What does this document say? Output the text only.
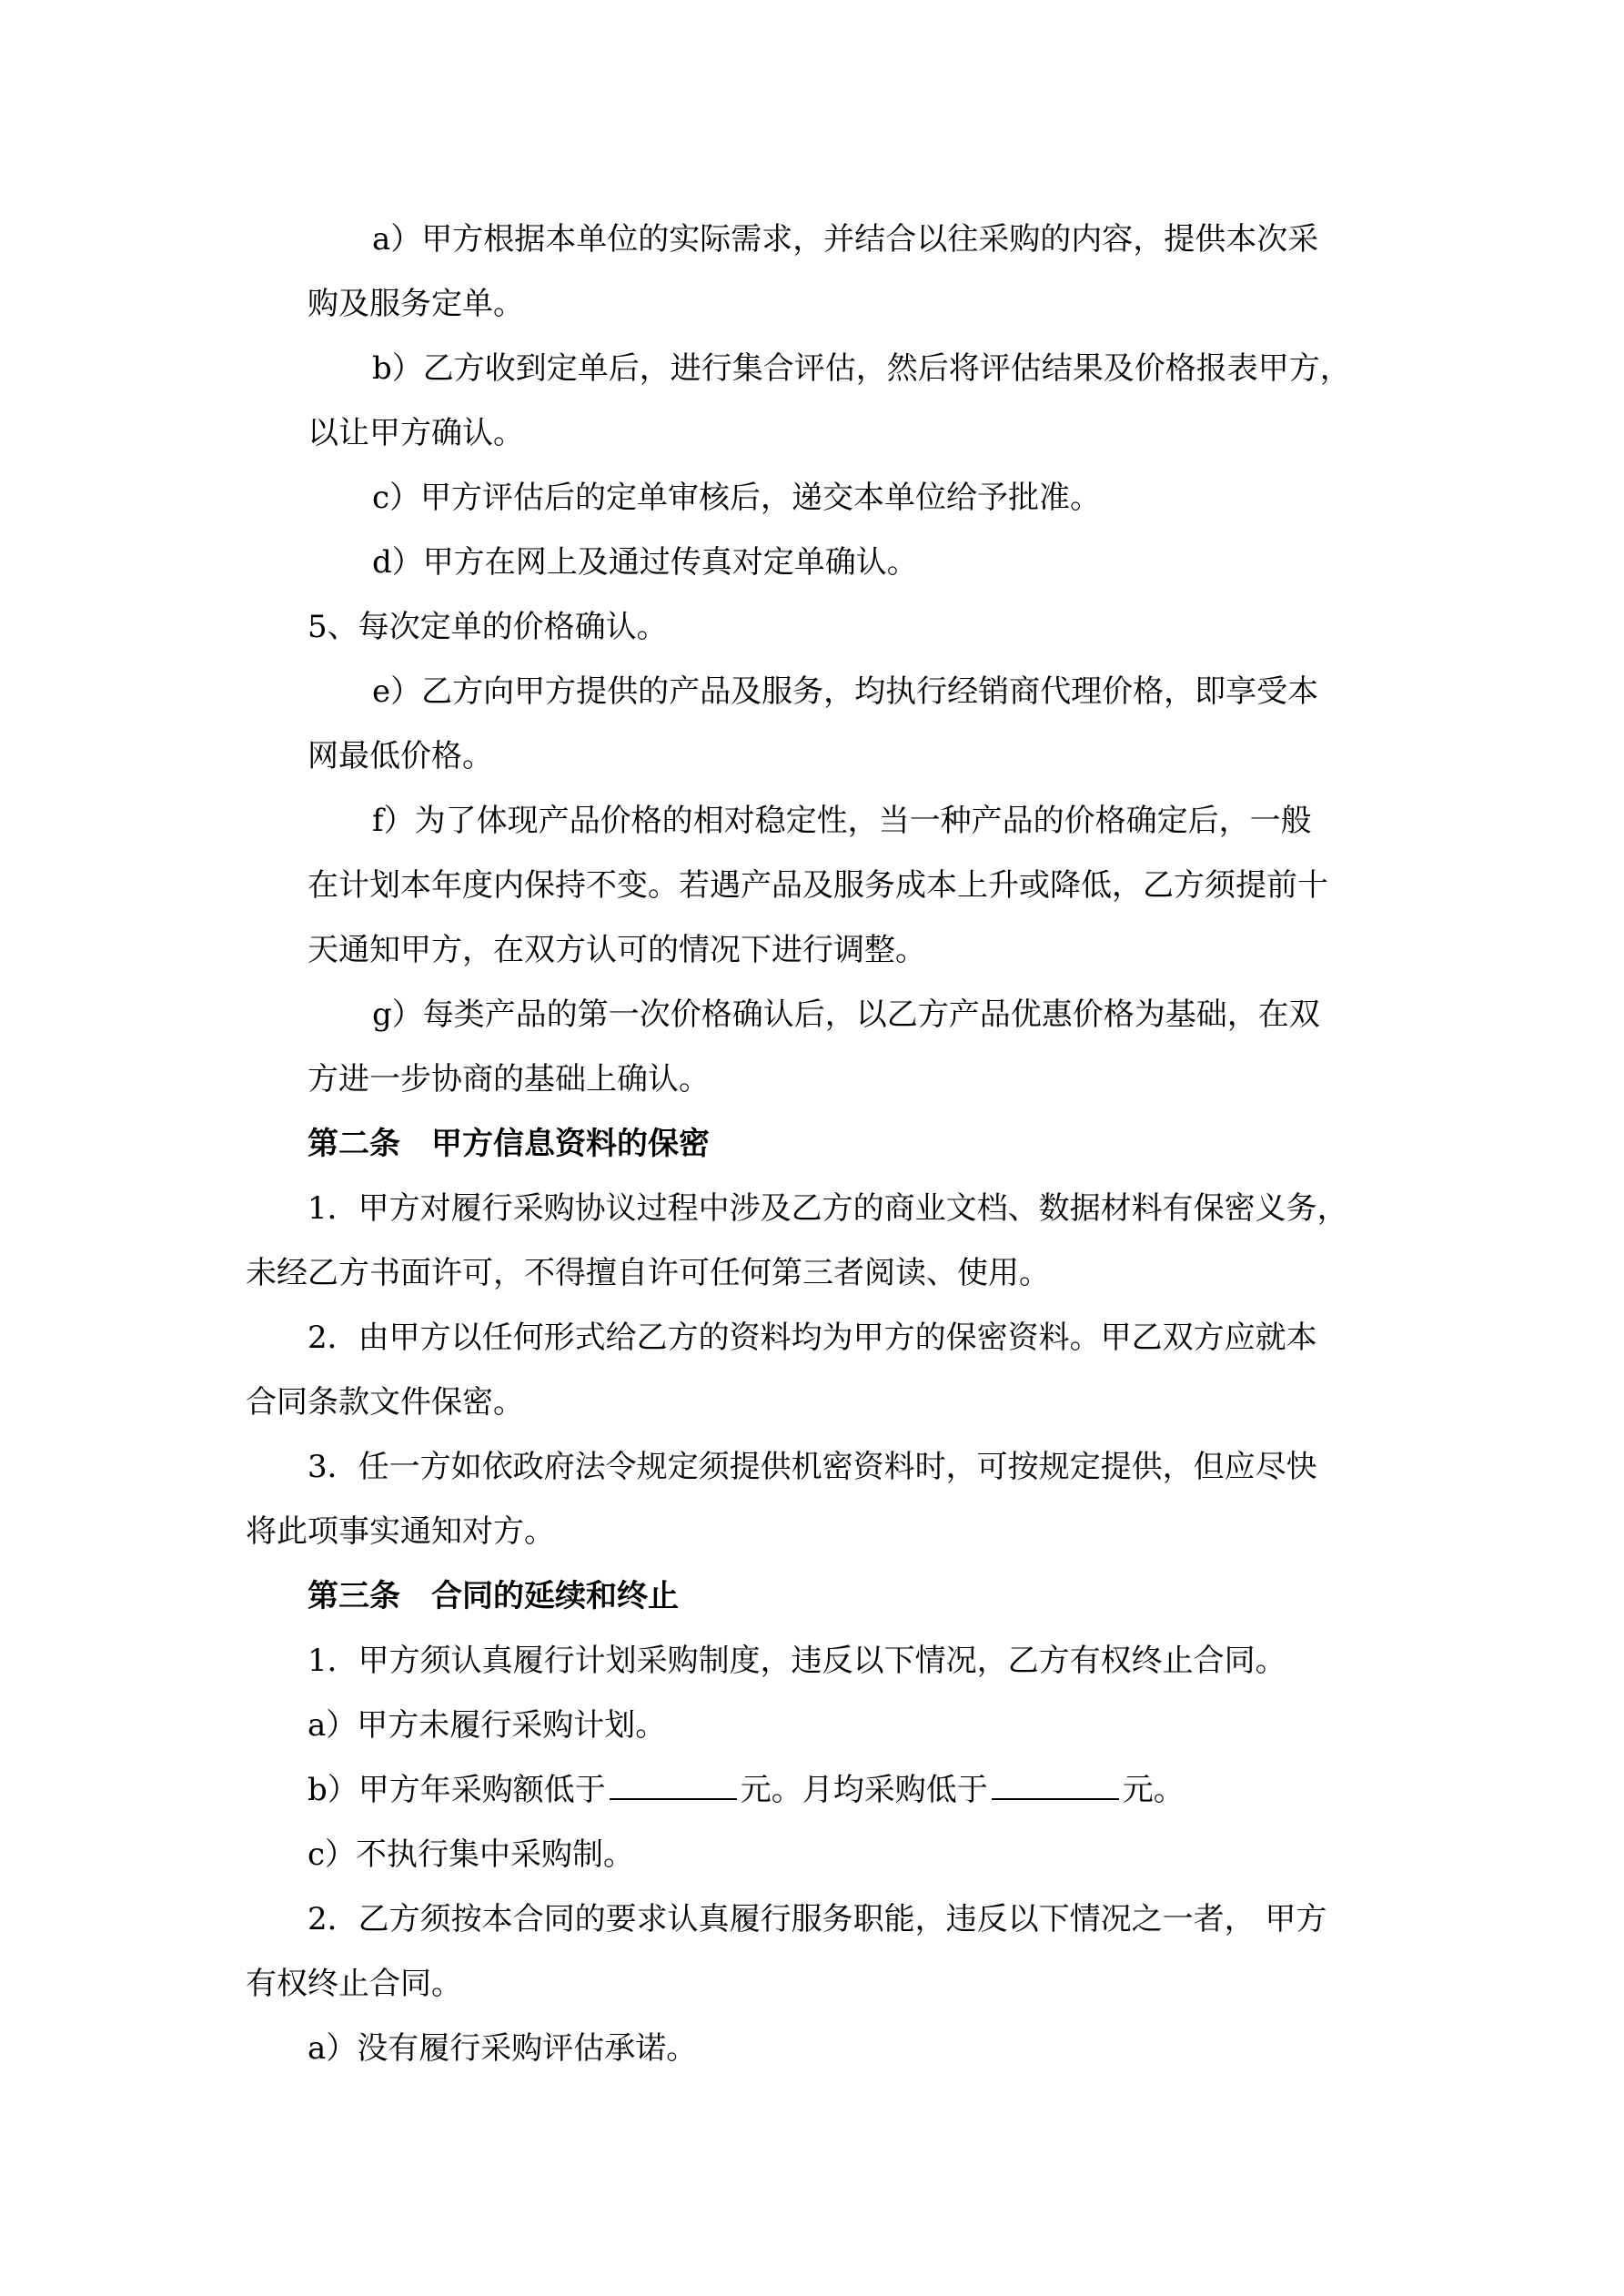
a）甲方根据本单位的实际需求，并结合以往采购的内容，提供本次采

购及服务定单。

b）乙方收到定单后，进行集合评估，然后将评估结果及价格报表甲方，

以让甲方确认。

c）甲方评估后的定单审核后，递交本单位给予批准。

d）甲方在网上及通过传真对定单确认。

5、每次定单的价格确认。

e）乙方向甲方提供的产品及服务，均执行经销商代理价格，即享受本

网最低价格。

f）为了体现产品价格的相对稳定性，当一种产品的价格确定后，一般

在计划本年度内保持不变。若遇产品及服务成本上升或降低，乙方须提前十

天通知甲方，在双方认可的情况下进行调整。

g）每类产品的第一次价格确认后，以乙方产品优惠价格为基础，在双

方进一步协商的基础上确认。

第二条　甲方信息资料的保密

1．甲方对履行采购协议过程中涉及乙方的商业文档、数据材料有保密义务，

未经乙方书面许可，不得擅自许可任何第三者阅读、使用。

2．由甲方以任何形式给乙方的资料均为甲方的保密资料。甲乙双方应就本

合同条款文件保密。

3．任一方如依政府法令规定须提供机密资料时，可按规定提供，但应尽快

将此项事实通知对方。

第三条　合同的延续和终止

1．甲方须认真履行计划采购制度，违反以下情况，乙方有权终止合同。

a）甲方未履行采购计划。

b）甲方年采购额低于	元。月均采购低于	元。

c）不执行集中采购制。

2．乙方须按本合同的要求认真履行服务职能，违反以下情况之一者， 甲方

有权终止合同。

a）没有履行采购评估承诺。
